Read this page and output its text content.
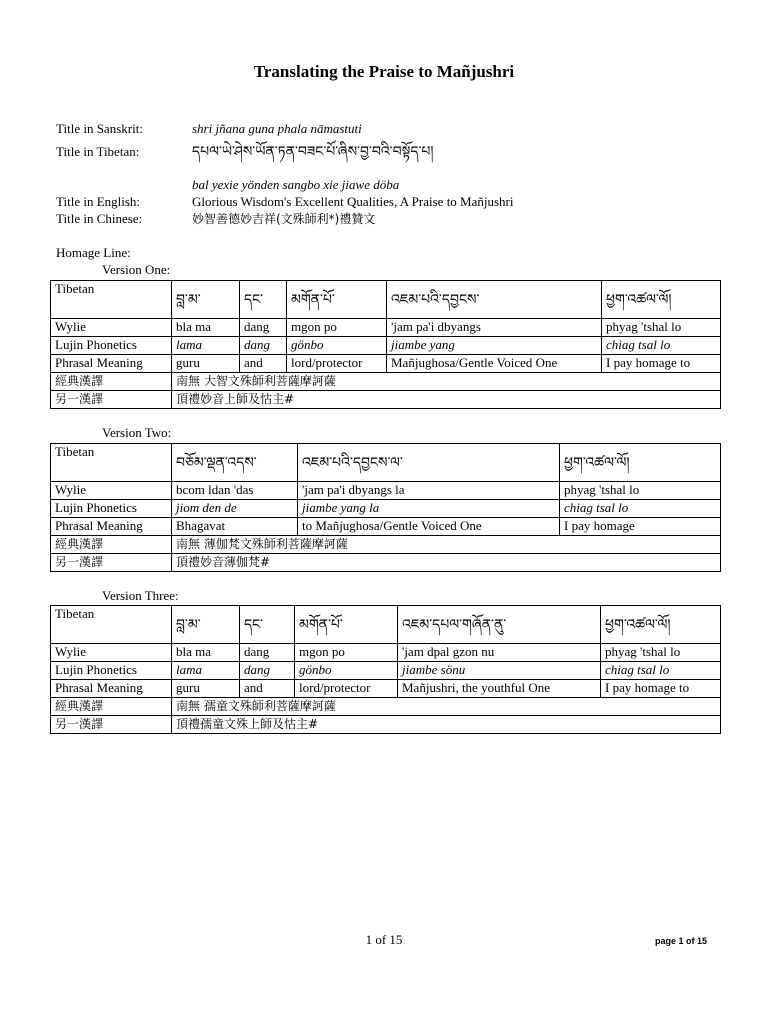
Translating the Praise to Mañjushri
Title in Sanskrit:	shri jñana guna phala nāmastuti
Title in Tibetan:	དཔལ་ཡེ་ཤེས་ཡོན་ཏན་བཟང་པོ་ཞིས་བྱ་བའི་བསྟོད་པ།
bal yexie yönden sangbo xie jiawe döba
Title in English:	Glorious Wisdom's Excellent Qualities, A Praise to Mañjushri
Title in Chinese:	妙智善德妙吉祥(文殊師利*)禮贊文
Homage Line:
Version One:
Tibetan	བླ་མ་	དང་	མགོན་པོ་	འཇམ་པའི་དབྱངས་	ཕྱག་འཚལ་ལོ།
Wylie	bla ma	dang	mgon po	'jam pa'i dbyangs	phyag 'tshal lo
Lujin Phonetics	lama	dang	gönbo	jiambe yang	chiag tsal lo
Phrasal Meaning	guru	and	lord/protector	Mañjughosa/Gentle Voiced One	I pay homage to
經典漢譯	南無 大智文殊師利菩薩摩訶薩				
另一漢譯	頂禮妙音上師及怙主#				
Version Two:
Tibetan	བཅོམ་ལྡན་འདས་	འཇམ་པའི་དབྱངས་ལ་	ཕྱག་འཚལ་ལོ།
Wylie	bcom ldan 'das	'jam pa'i dbyangs la	phyag 'tshal lo
Lujin Phonetics	jiom den de	jiambe yang la	chiag tsal lo
Phrasal Meaning	Bhagavat	to Mañjughosa/Gentle Voiced One	I pay homage
經典漢譯	南無 薄伽梵文殊師利菩薩摩訶薩		
另一漢譯	頂禮妙音薄伽梵#		
Version Three:
Tibetan	བླ་མ་	དང་	མགོན་པོ་	འཇམ་དཔལ་གཞོན་ནུ་	ཕྱག་འཚལ་ལོ།
Wylie	bla ma	dang	mgon po	'jam dpal gzon nu	phyag 'tshal lo
Lujin Phonetics	lama	dang	gönbo	jiambe sönu	chiag tsal lo
Phrasal Meaning	guru	and	lord/protector	Mañjushri, the youthful One	I pay homage to
經典漢譯	南無 孺童文殊師利菩薩摩訶薩				
另一漢譯	頂禮孺童文殊上師及怙主#				
1 of 15	page 1 of 15
